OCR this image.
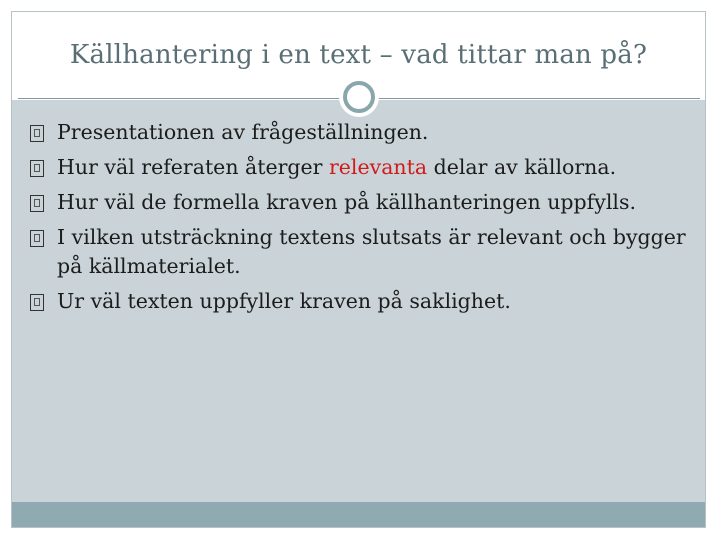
Källhantering i en text – vad tittar man på?
Presentationen av frågeställningen.
Hur väl referaten återger relevanta delar av källorna.
Hur väl de formella kraven på källhanteringen uppfylls.
I vilken utsträckning textens slutsats är relevant och bygger på källmaterialet.
Ur väl texten uppfyller kraven på saklighet.
